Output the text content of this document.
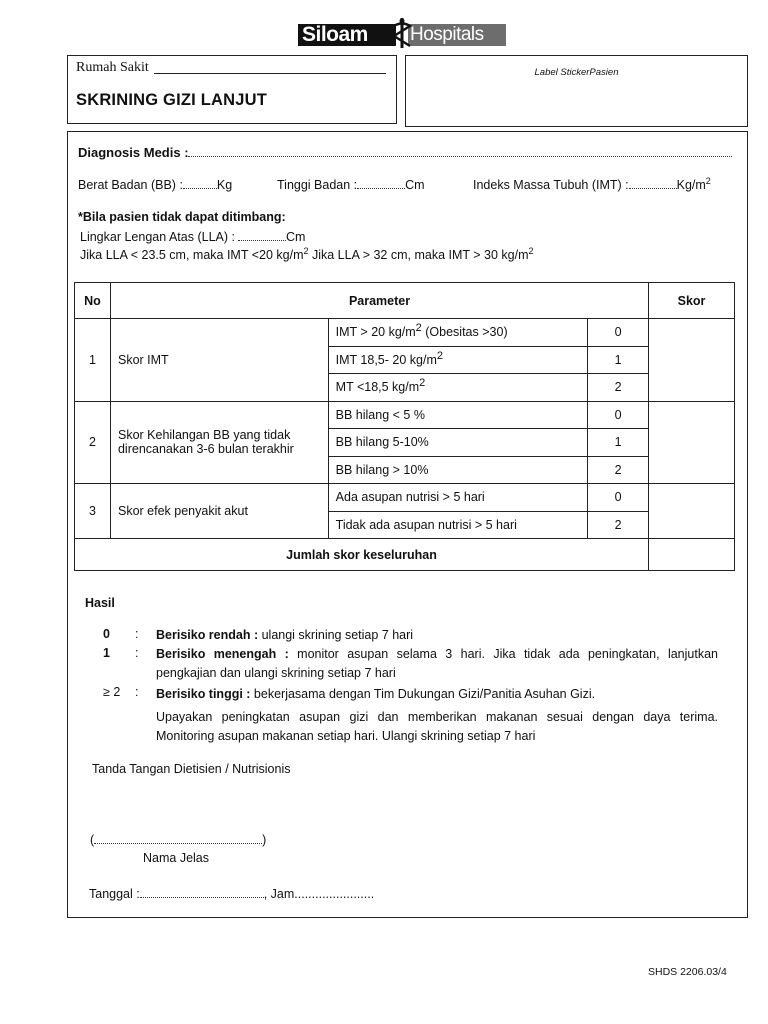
Siloam	Hospitals
Rumah Sakit
SKRINING GIZI LANJUT
Label StickerPasien
Diagnosis Medis :
Berat Badan (BB) :	Kg	Tinggi Badan :	Cm	Indeks Massa Tubuh (IMT) :	$Kg/m^2$
*Bila pasien tidak dapat ditimbang:
Lingkar Lengan Atas (LLA) :	Cm
Jika LLA < 23.5 cm, maka IMT <20 $kg/m^2$ Jika LLA > 32 cm, maka IMT > 30 $kg/m^2$
No	Parameter			Skor
1	Skor IMT	IMT > 20 $kg/m^2$ (Obesitas >30)	0	
		IMT 18,5- 20 $kg/m^2$	1	
		MT <18,5 $kg/m^2$	2	
2	Skor Kehilangan BB yang tidak direncanakan 3-6 bulan terakhir	BB hilang < 5 %	0	
		BB hilang 5-10%	1	
		BB hilang > 10%	2	
3	Skor efek penyakit akut	Ada asupan nutrisi > 5 hari	0	
		Tidak ada asupan nutrisi > 5 hari	2	
Jumlah skor keseluruhan				
Hasil
0 : Berisiko rendah : ulangi skrining setiap 7 hari
1 : Berisiko menengah : monitor asupan selama 3 hari. Jika tidak ada peningkatan, lanjutkan pengkajian dan ulangi skrining setiap 7 hari
≥ 2 : Berisiko tinggi : bekerjasama dengan Tim Dukungan Gizi/Panitia Asuhan Gizi.
Upayakan peningkatan asupan gizi dan memberikan makanan sesuai dengan daya terima. Monitoring asupan makanan setiap hari. Ulangi skrining setiap 7 hari
Tanda Tangan Dietisien / Nutrisionis
(	)
Nama Jelas
Tanggal :	, Jam.......................
SHDS 2206.03/4
